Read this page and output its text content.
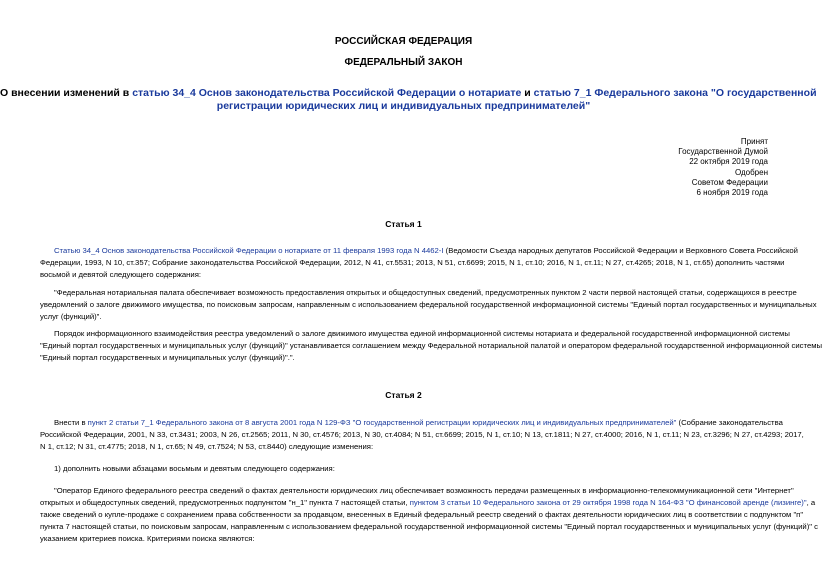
РОССИЙСКАЯ ФЕДЕРАЦИЯ
ФЕДЕРАЛЬНЫЙ ЗАКОН
О внесении изменений в статью 34_4 Основ законодательства Российской Федерации о нотариате и статью 7_1 Федерального закона "О государственной
регистрации юридических лиц и индивидуальных предпринимателей"
Принят
Государственной Думой
22 октября 2019 года
Одобрен
Советом Федерации
6 ноября 2019 года
Статья 1
Статью 34_4 Основ законодательства Российской Федерации о нотариате от 11 февраля 1993 года N 4462-I (Ведомости Съезда народных депутатов Российской Федерации и Верховного Совета Российской
Федерации, 1993, N 10, ст.357; Собрание законодательства Российской Федерации, 2012, N 41, ст.5531; 2013, N 51, ст.6699; 2015, N 1, ст.10; 2016, N 1, ст.11; N 27, ст.4265; 2018, N 1, ст.65) дополнить частями
восьмой и девятой следующего содержания:
"Федеральная нотариальная палата обеспечивает возможность предоставления открытых и общедоступных сведений, предусмотренных пунктом 2 части первой настоящей статьи, содержащихся в реестре
уведомлений о залоге движимого имущества, по поисковым запросам, направленным с использованием федеральной государственной информационной системы "Единый портал государственных и муниципальных
услуг (функций)".
Порядок информационного взаимодействия реестра уведомлений о залоге движимого имущества единой информационной системы нотариата и федеральной государственной информационной системы
"Единый портал государственных и муниципальных услуг (функций)" устанавливается соглашением между Федеральной нотариальной палатой и оператором федеральной государственной информационной системы
"Единый портал государственных и муниципальных услуг (функций)".".
Статья 2
Внести в пункт 2 статьи 7_1 Федерального закона от 8 августа 2001 года N 129-ФЗ "О государственной регистрации юридических лиц и индивидуальных предпринимателей" (Собрание законодательства
Российской Федерации, 2001, N 33, ст.3431; 2003, N 26, ст.2565; 2011, N 30, ст.4576; 2013, N 30, ст.4084; N 51, ст.6699; 2015, N 1, ст.10; N 13, ст.1811; N 27, ст.4000; 2016, N 1, ст.11; N 23, ст.3296; N 27, ст.4293; 2017,
N 1, ст.12; N 31, ст.4775; 2018, N 1, ст.65; N 49, ст.7524; N 53, ст.8440) следующие изменения:
1) дополнить новыми абзацами восьмым и девятым следующего содержания:
"Оператор Единого федерального реестра сведений о фактах деятельности юридических лиц обеспечивает возможность передачи размещенных в информационно-телекоммуникационной сети "Интернет"
открытых и общедоступных сведений, предусмотренных подпунктом "н_1" пункта 7 настоящей статьи, пунктом 3 статьи 10 Федерального закона от 29 октября 1998 года N 164-ФЗ "О финансовой аренде (лизинге)", а
также сведений о купле-продаже с сохранением права собственности за продавцом, внесенных в Единый федеральный реестр сведений о фактах деятельности юридических лиц в соответствии с подпунктом "п"
пункта 7 настоящей статьи, по поисковым запросам, направленным с использованием федеральной государственной информационной системы "Единый портал государственных и муниципальных услуг (функций)" с
указанием критериев поиска. Критериями поиска являются:
